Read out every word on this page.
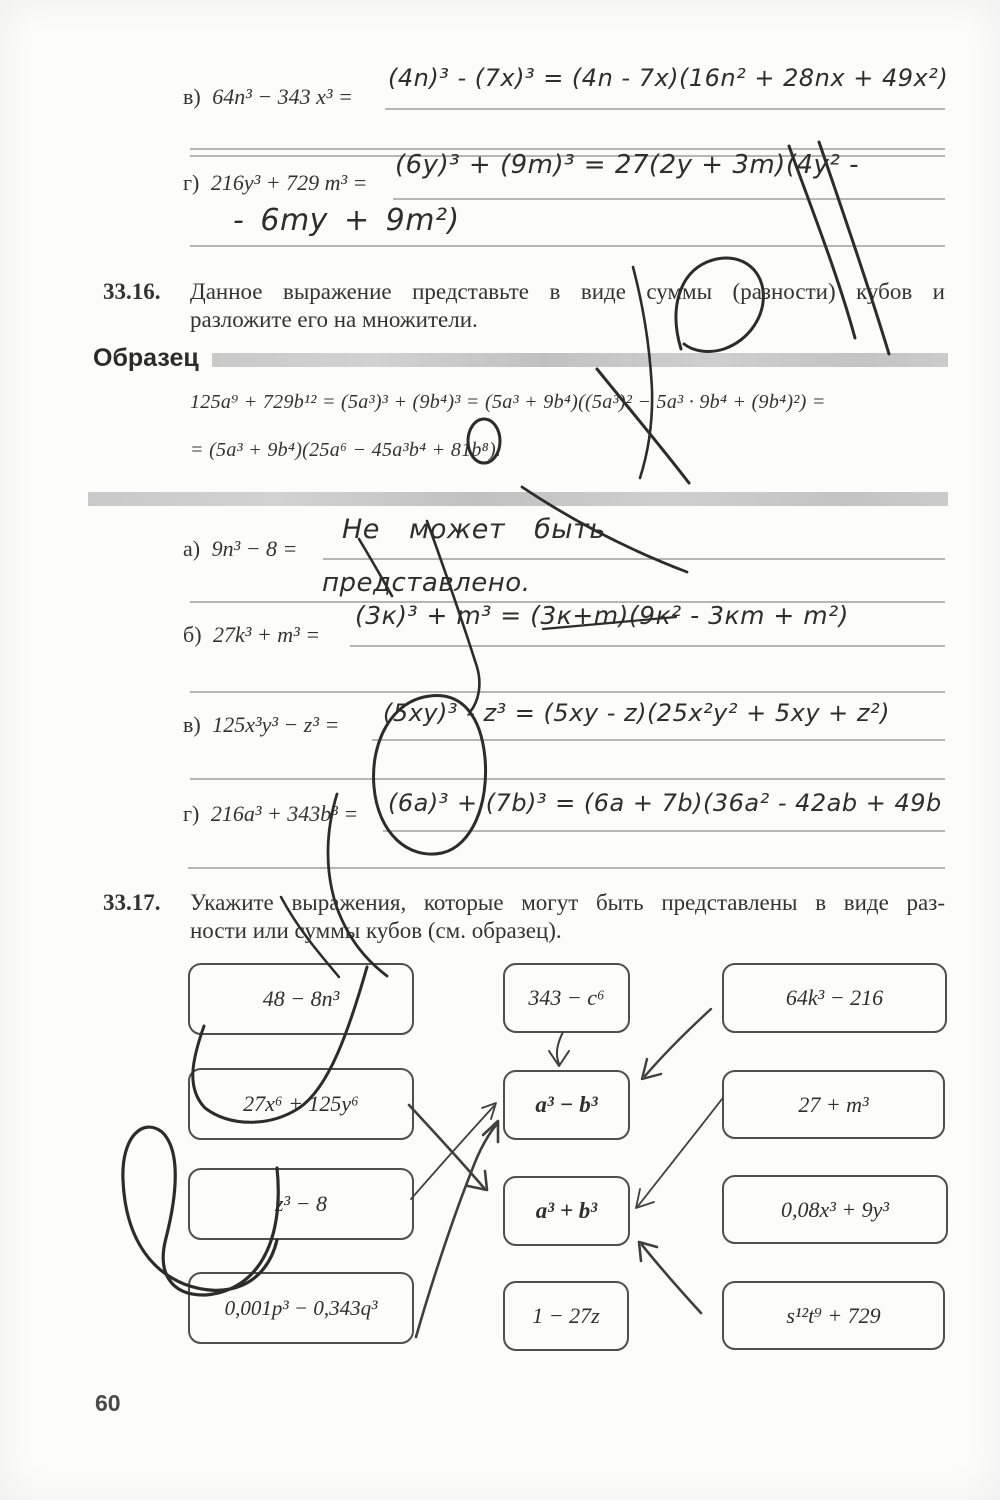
в) 64n³ − 343 x³ =
(4n)³ - (7x)³ = (4n - 7x)(16n² + 28nx + 49x²)
г) 216y³ + 729 m³ =
(6y)³ + (9m)³ = 27(2y + 3m)(4y² -
- 6my + 9m²)
33.16. Данное выражение представьте в виде суммы (разности) кубов и
разложите его на множители.
Образец
125a⁹ + 729b¹² = (5a³)³ + (9b⁴)³ = (5a³ + 9b⁴)((5a³)² − 5a³ · 9b⁴ + (9b⁴)²) =
= (5a³ + 9b⁴)(25a⁶ − 45a³b⁴ + 81b⁸).
а) 9n³ − 8 =
Не может быть
представлено.
б) 27k³ + m³ =
(3к)³ + m³ = (3к+m)(9к² - 3кm + m²)
в) 125x³y³ − z³ = (5xy)³ - z³ = (5xy - z)(25x²y² + 5xy + z²)
г) 216a³ + 343b³ = (6a)³ + (7b)³ = (6a + 7b)(36a² - 42ab + 49b
33.17. Укажите выражения, которые могут быть представлены в виде раз-
ности или суммы кубов (см. образец).
48 − 8n³	343 − c⁶	64k³ − 216
27x⁶ + 125y⁶	a³ − b³	27 + m³
z³ − 8	a³ + b³	0,08x³ + 9y³
0,001p³ − 0,343q³	1 − 27z	s¹²t⁹ + 729
60
